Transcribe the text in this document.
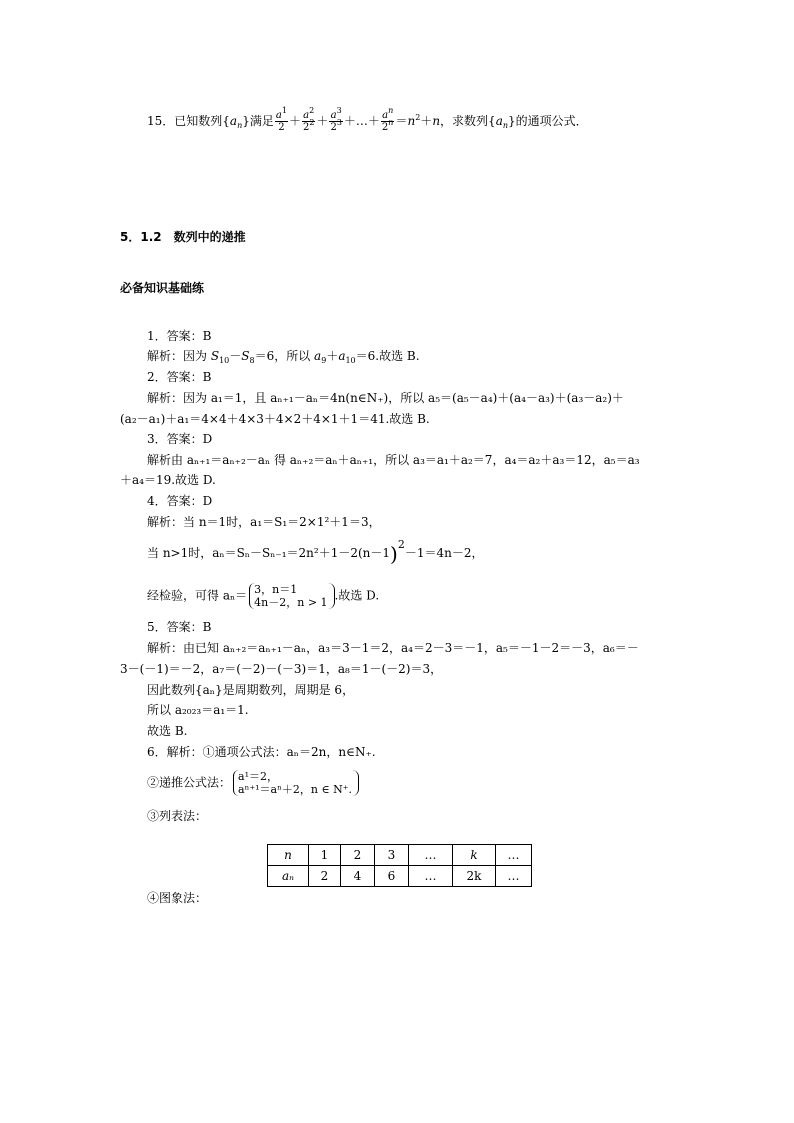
15．已知数列$\{a_n\}$满足 $\frac{a^1}{2} + \frac{a^2}{2^2} + \frac{a^3}{2^3}$ ＋…＋ $\frac{a^n}{2^n} =n^2+n$，求数列$\{a_n\}$的通项公式．
5．1.2　数列中的递推
必备知识基础练
1．答案：B
解析：因为 $S_{10}-S_8=6$，所以 $a_9+a_{10}=6$.故选 B.
2．答案：B
解析：因为 a₁＝1，且 aₙ₊₁－aₙ＝4n(n∈N₊)，所以 a₅＝(a₅－a₄)＋(a₄－a₃)＋(a₃－a₂)＋
(a₂－a₁)＋a₁＝4×4＋4×3＋4×2＋4×1＋1＝41.故选 B.
3．答案：D
解析由 aₙ₊₁＝aₙ₊₂－aₙ 得 aₙ₊₂＝aₙ＋aₙ₊₁，所以 a₃＝a₁＋a₂＝7，a₄＝a₂＋a₃＝12，a₅＝a₃
＋a₄＝19.故选 D.
4．答案：D
解析：当 n＝1时，a₁＝S₁＝2×1²＋1＝3，
当 n>1时，$a_n=S_n-S_{n-1}=2n^2+1-2(n-1)^2-1=4n-2$，
经检验，可得 aₙ＝ 3，n＝1
4n－2，n > 1 .故选 D.
5．答案：B
解析：由已知 aₙ₊₂＝aₙ₊₁－aₙ，a₃＝3－1＝2，a₄＝2－3＝－1，a₅＝－1－2＝－3，a₆＝－
3－(－1)＝－2，a₇＝(－2)－(－3)＝1，a₈＝1－(－2)＝3，
因此数列{aₙ}是周期数列，周期是 6，
所以 a₂₀₂₃＝a₁＝1.
故选 B.
6．解析：①通项公式法：aₙ＝2n，n∈N₊.
②递推公式法： a¹＝2，
aⁿ⁺¹＝aⁿ＋2，n ∈ N⁺.
③列表法：
n	1	2	3	…	k	…
aₙ	2	4	6	…	2k	…
④图象法：
